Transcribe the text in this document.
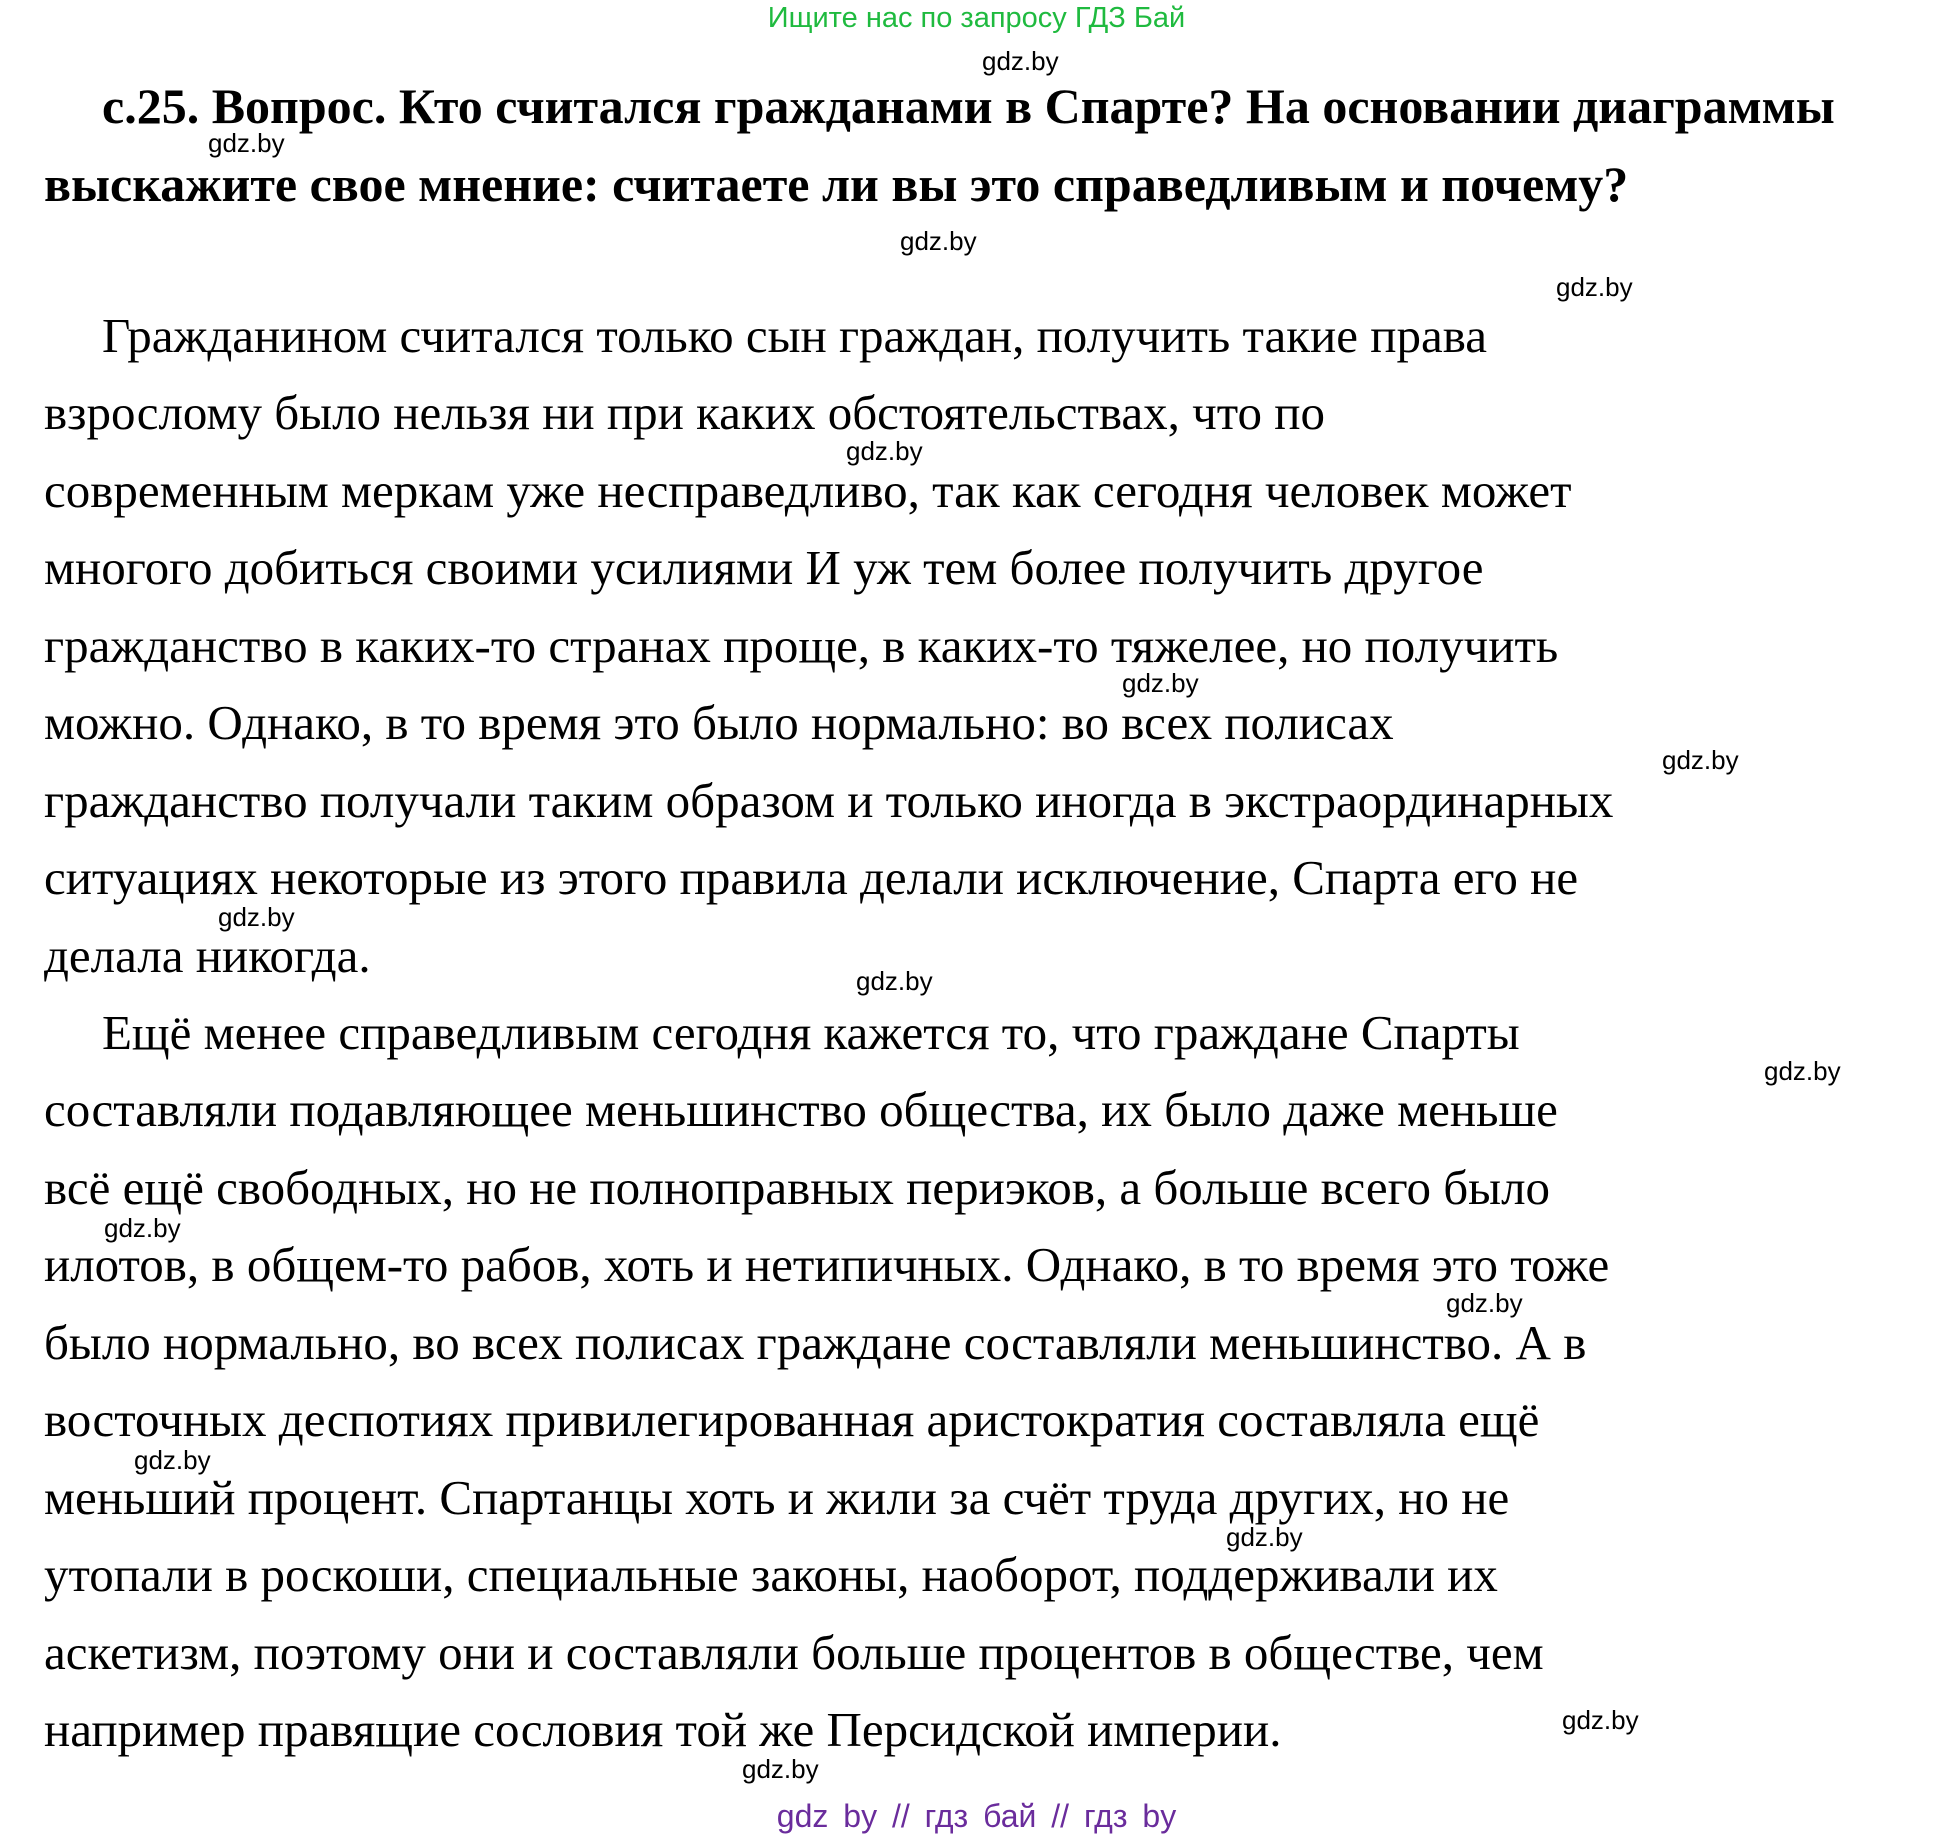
Ищите нас по запросу ГДЗ Бай

с.25. Вопрос. Кто считался гражданами в Спарте? На основании диаграммы выскажите свое мнение: считаете ли вы это справедливым и почему?

Гражданином считался только сын граждан, получить такие права
взрослому было нельзя ни при каких обстоятельствах, что по
современным меркам уже несправедливо, так как сегодня человек может
многого добиться своими усилиями И уж тем более получить другое
гражданство в каких-то странах проще, в каких-то тяжелее, но получить
можно. Однако, в то время это было нормально: во всех полисах
гражданство получали таким образом и только иногда в экстраординарных
ситуациях некоторые из этого правила делали исключение, Спарта его не
делала никогда.
Ещё менее справедливым сегодня кажется то, что граждане Спарты
составляли подавляющее меньшинство общества, их было даже меньше
всё ещё свободных, но не полноправных периэков, а больше всего было
илотов, в общем-то рабов, хоть и нетипичных. Однако, в то время это тоже
было нормально, во всех полисах граждане составляли меньшинство. А в
восточных деспотиях привилегированная аристократия составляла ещё
меньший процент. Спартанцы хоть и жили за счёт труда других, но не
утопали в роскоши, специальные законы, наоборот, поддерживали их
аскетизм, поэтому они и составляли больше процентов в обществе, чем
например правящие сословия той же Персидской империи.
gdz.by
gdz.by
gdz.by
gdz.by
gdz.by
gdz.by
gdz.by
gdz.by
gdz.by
gdz.by
gdz.by
gdz.by
gdz.by
gdz.by
gdz.by
gdz.by
gdz by // гдз бай // гдз by
